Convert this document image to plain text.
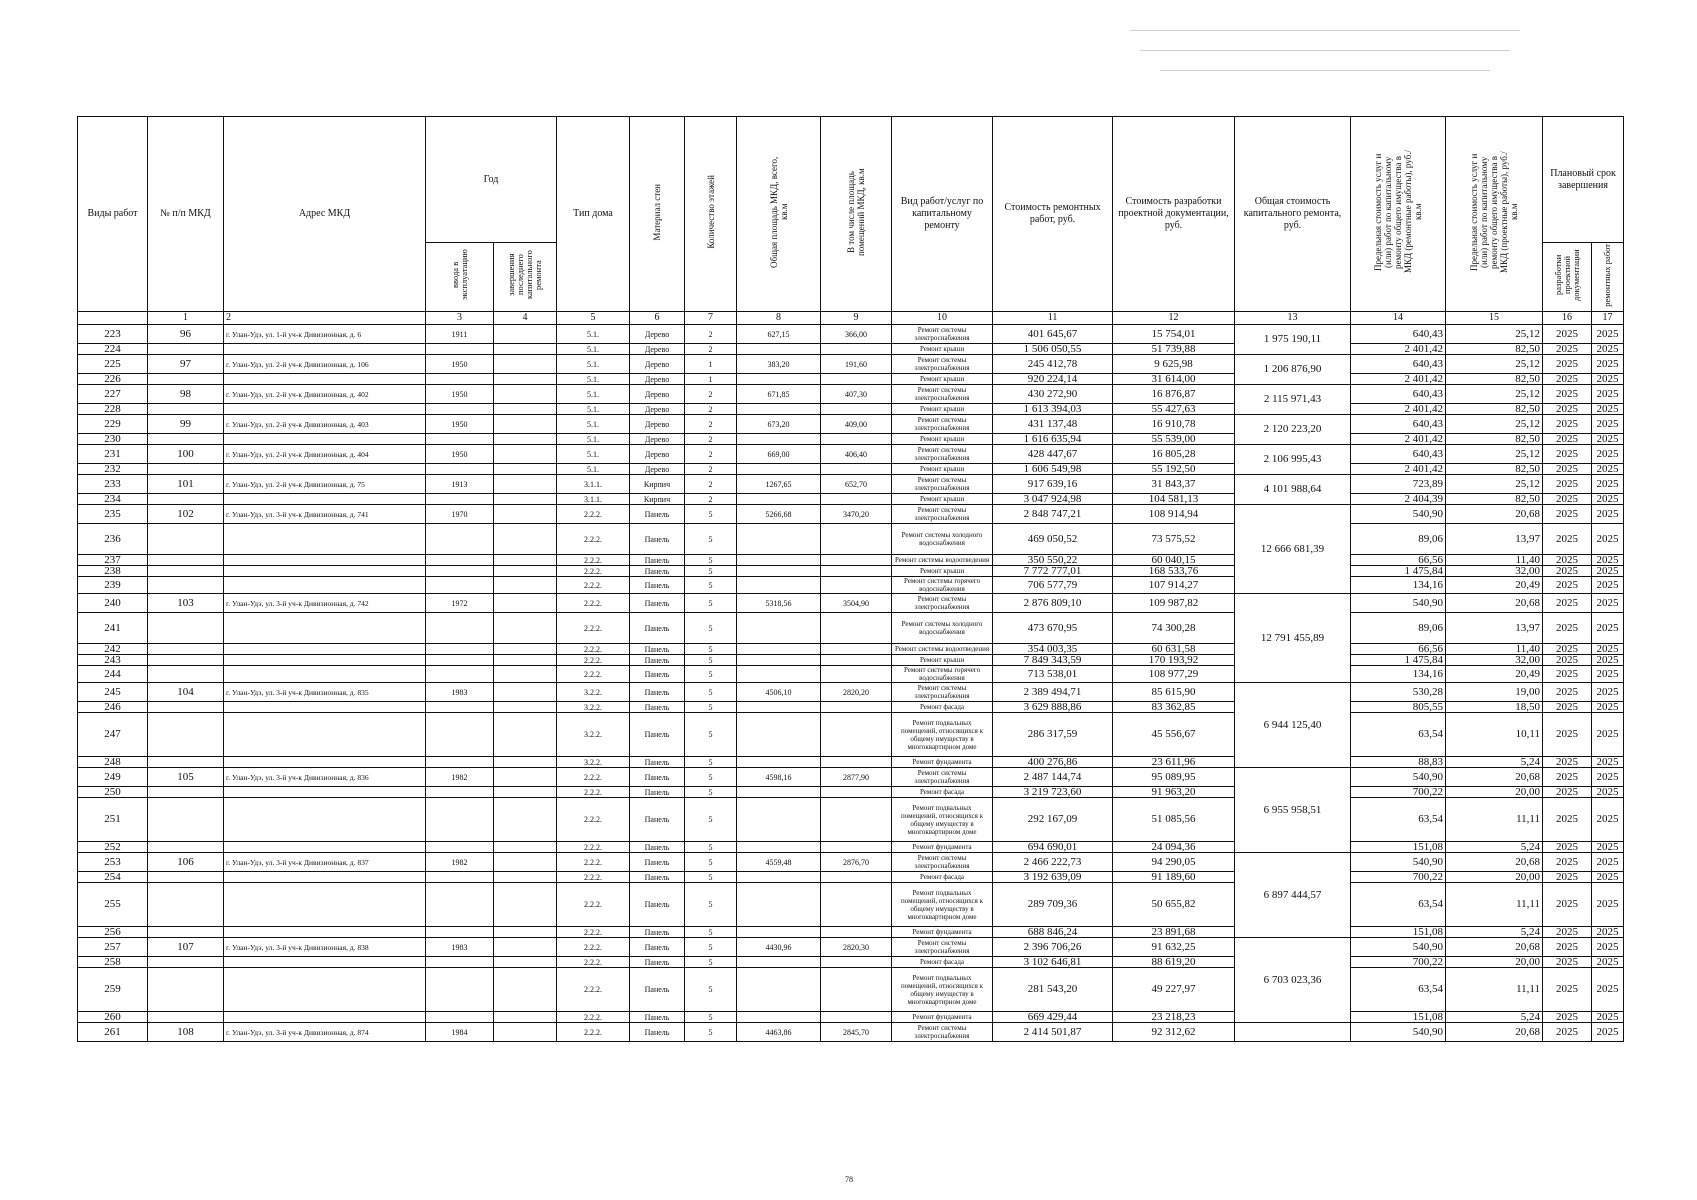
Виды работ	№ п/п МКД	Адрес МКД	Год		Тип дома	Материал стен	Количество этажей	Общая площадь МКД, всего, кв.м	В том числе площадь помещений МКД, кв.м	Вид работ/услуг по капитальному ремонту	Стоимость ремонтных работ, руб.	Стоимость разработки проектной документации, руб.	Общая стоимость капитального ремонта, руб.	Предельная стоимость услуг и (или) работ по капитальному ремонту общего имущества в МКД (ремонтные работы), руб./кв.м	Предельная стоимость услуг и (или) работ по капитальному ремонту общего имущества в МКД (проектные работы), руб./кв.м	Плановый срок завершения	
			ввода в эксплуатацию	завершения последнего капитального ремонта												разработки проектной документации	ремонтных работ
	1	2	3	4	5	6	7	8	9	10	11	12	13	14	15	16	17
223	96	г. Улан-Удэ, ул. 1-й уч-к Дивизионная, д. 6	1911		5.1.	Дерево	2	627,15	366,00	Ремонт системы электроснабжения	401 645,67	15 754,01	1 975 190,11	640,43	25,12	2025	2025
224					5.1.	Дерево	2			Ремонт крыши	1 506 050,55	51 739,88		2 401,42	82,50	2025	2025
225	97	г. Улан-Удэ, ул. 2-й уч-к Дивизионная, д. 106	1950		5.1.	Дерево	1	383,20	191,60	Ремонт системы электроснабжения	245 412,78	9 625,98	1 206 876,90	640,43	25,12	2025	2025
226					5.1.	Дерево	1			Ремонт крыши	920 224,14	31 614,00		2 401,42	82,50	2025	2025
227	98	г. Улан-Удэ, ул. 2-й уч-к Дивизионная, д. 402	1950		5.1.	Дерево	2	671,85	407,30	Ремонт системы электроснабжения	430 272,90	16 876,87	2 115 971,43	640,43	25,12	2025	2025
228					5.1.	Дерево	2			Ремонт крыши	1 613 394,03	55 427,63		2 401,42	82,50	2025	2025
229	99	г. Улан-Удэ, ул. 2-й уч-к Дивизионная, д. 403	1950		5.1.	Дерево	2	673,20	409,00	Ремонт системы электроснабжения	431 137,48	16 910,78	2 120 223,20	640,43	25,12	2025	2025
230					5.1.	Дерево	2			Ремонт крыши	1 616 635,94	55 539,00		2 401,42	82,50	2025	2025
231	100	г. Улан-Удэ, ул. 2-й уч-к Дивизионная, д. 404	1950		5.1.	Дерево	2	669,00	406,40	Ремонт системы электроснабжения	428 447,67	16 805,28	2 106 995,43	640,43	25,12	2025	2025
232					5.1.	Дерево	2			Ремонт крыши	1 606 549,98	55 192,50		2 401,42	82,50	2025	2025
233	101	г. Улан-Удэ, ул. 2-й уч-к Дивизионная, д. 75	1913		3.1.1.	Кирпич	2	1267,65	652,70	Ремонт системы электроснабжения	917 639,16	31 843,37	4 101 988,64	723,89	25,12	2025	2025
234					3.1.1.	Кирпич	2			Ремонт крыши	3 047 924,98	104 581,13		2 404,39	82,50	2025	2025
235	102	г. Улан-Удэ, ул. 3-й уч-к Дивизионная, д. 741	1970		2.2.2.	Панель	5	5266,68	3470,20	Ремонт системы электроснабжения	2 848 747,21	108 914,94	12 666 681,39	540,90	20,68	2025	2025
236					2.2.2.	Панель	5			Ремонт системы холодного водоснабжения	469 050,52	73 575,52		89,06	13,97	2025	2025
237					2.2.2.	Панель	5			Ремонт системы водоотведения	350 550,22	60 040,15		66,56	11,40	2025	2025
238					2.2.2.	Панель	5			Ремонт крыши	7 772 777,01	168 533,76		1 475,84	32,00	2025	2025
239					2.2.2.	Панель	5			Ремонт системы горячего водоснабжения	706 577,79	107 914,27		134,16	20,49	2025	2025
240	103	г. Улан-Удэ, ул. 3-й уч-к Дивизионная, д. 742	1972		2.2.2.	Панель	5	5318,56	3504,90	Ремонт системы электроснабжения	2 876 809,10	109 987,82	12 791 455,89	540,90	20,68	2025	2025
241					2.2.2.	Панель	5			Ремонт системы холодного водоснабжения	473 670,95	74 300,28		89,06	13,97	2025	2025
242					2.2.2.	Панель	5			Ремонт системы водоотведения	354 003,35	60 631,58		66,56	11,40	2025	2025
243					2.2.2.	Панель	5			Ремонт крыши	7 849 343,59	170 193,92		1 475,84	32,00	2025	2025
244					2.2.2.	Панель	5			Ремонт системы горячего водоснабжения	713 538,01	108 977,29		134,16	20,49	2025	2025
245	104	г. Улан-Удэ, ул. 3-й уч-к Дивизионная, д. 835	1983		3.2.2.	Панель	5	4506,10	2820,20	Ремонт системы электроснабжения	2 389 494,71	85 615,90	6 944 125,40	530,28	19,00	2025	2025
246					3.2.2.	Панель	5			Ремонт фасада	3 629 888,86	83 362,85		805,55	18,50	2025	2025
247					3.2.2.	Панель	5			Ремонт подвальных помещений, относящихся к общему имуществу в многоквартирном доме	286 317,59	45 556,67		63,54	10,11	2025	2025
248					3.2.2.	Панель	5			Ремонт фундамента	400 276,86	23 611,96		88,83	5,24	2025	2025
249	105	г. Улан-Удэ, ул. 3-й уч-к Дивизионная, д. 836	1982		2.2.2.	Панель	5	4598,16	2877,90	Ремонт системы электроснабжения	2 487 144,74	95 089,95	6 955 958,51	540,90	20,68	2025	2025
250					2.2.2.	Панель	5			Ремонт фасада	3 219 723,60	91 963,20		700,22	20,00	2025	2025
251					2.2.2.	Панель	5			Ремонт подвальных помещений, относящихся к общему имуществу в многоквартирном доме	292 167,09	51 085,56		63,54	11,11	2025	2025
252					2.2.2.	Панель	5			Ремонт фундамента	694 690,01	24 094,36		151,08	5,24	2025	2025
253	106	г. Улан-Удэ, ул. 3-й уч-к Дивизионная, д. 837	1982		2.2.2.	Панель	5	4559,48	2876,70	Ремонт системы электроснабжения	2 466 222,73	94 290,05	6 897 444,57	540,90	20,68	2025	2025
254					2.2.2.	Панель	5			Ремонт фасада	3 192 639,09	91 189,60		700,22	20,00	2025	2025
255					2.2.2.	Панель	5			Ремонт подвальных помещений, относящихся к общему имуществу в многоквартирном доме	289 709,36	50 655,82		63,54	11,11	2025	2025
256					2.2.2.	Панель	5			Ремонт фундамента	688 846,24	23 891,68		151,08	5,24	2025	2025
257	107	г. Улан-Удэ, ул. 3-й уч-к Дивизионная, д. 838	1983		2.2.2.	Панель	5	4430,96	2820,30	Ремонт системы электроснабжения	2 396 706,26	91 632,25	6 703 023,36	540,90	20,68	2025	2025
258					2.2.2.	Панель	5			Ремонт фасада	3 102 646,81	88 619,20		700,22	20,00	2025	2025
259					2.2.2.	Панель	5			Ремонт подвальных помещений, относящихся к общему имуществу в многоквартирном доме	281 543,20	49 227,97		63,54	11,11	2025	2025
260					2.2.2.	Панель	5			Ремонт фундамента	669 429,44	23 218,23		151,08	5,24	2025	2025
261	108	г. Улан-Удэ, ул. 3-й уч-к Дивизионная, д. 874	1984		2.2.2.	Панель	5	4463,86	2845,70	Ремонт системы электроснабжения	2 414 501,87	92 312,62		540,90	20,68	2025	2025
78
